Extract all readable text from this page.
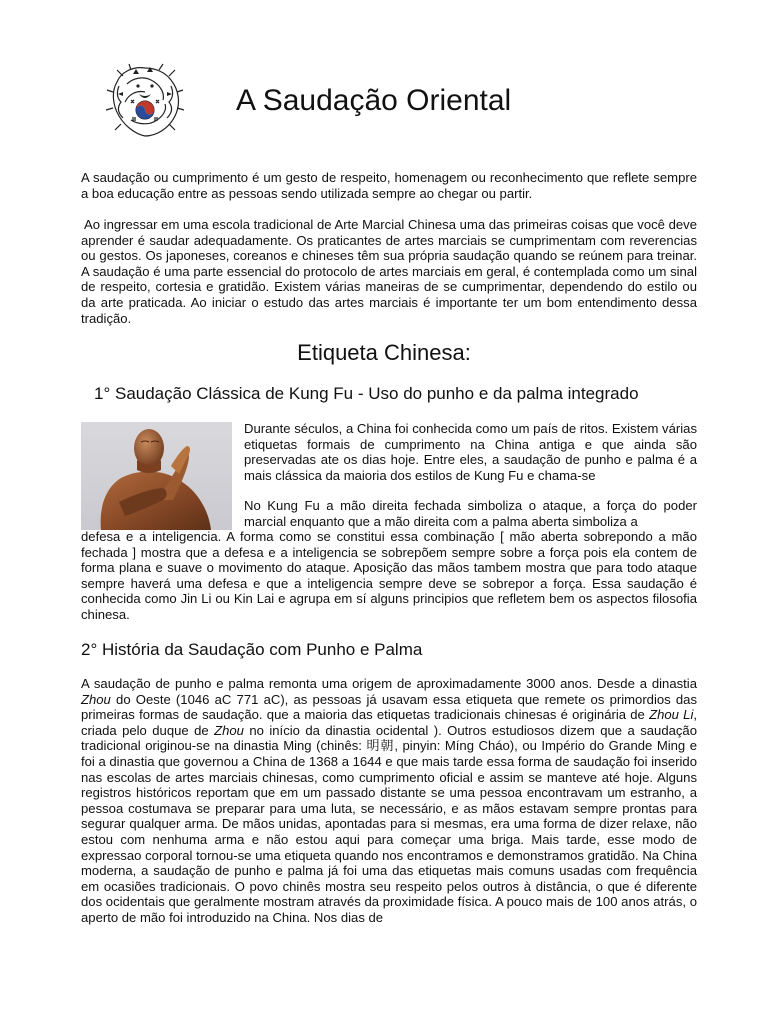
A Saudação Oriental

A saudação ou cumprimento é um gesto de respeito, homenagem ou reconhecimento que reflete sempre a boa educação entre as pessoas sendo utilizada sempre ao chegar ou partir.

Ao ingressar em uma escola tradicional de Arte Marcial Chinesa uma das primeiras coisas que você deve aprender é saudar adequadamente. Os praticantes de artes marciais se cumprimentam com reverencias ou gestos. Os japoneses, coreanos e chineses têm sua própria saudação quando se reúnem para treinar. A saudação é uma parte essencial do protocolo de artes marciais em geral, é contemplada como um sinal de respeito, cortesia e gratidão. Existem várias maneiras de se cumprimentar, dependendo do estilo ou da arte praticada. Ao iniciar o estudo das artes marciais é importante ter um bom entendimento dessa tradição.

Etiqueta Chinesa:
1° Saudação Clássica de Kung Fu - Uso do punho e da palma integrado

Durante séculos, a China foi conhecida como um país de ritos. Existem várias etiquetas formais de cumprimento na China antiga e que ainda são preservadas ate os dias hoje. Entre eles, a saudação de punho e palma é a mais clássica da maioria dos estilos de Kung Fu e chama-se

No Kung Fu a mão direita fechada simboliza o ataque, a força do poder marcial enquanto que a mão direita com a palma aberta simboliza a

defesa e a inteligencia. A forma como se constitui essa combinação [ mão aberta sobrepondo a mão fechada ] mostra que a defesa e a inteligencia se sobrepõem sempre sobre a força pois ela contem de forma plana e suave o movimento do ataque. Aposição das mãos tambem mostra que para todo ataque sempre haverá uma defesa e que a inteligencia sempre deve se sobrepor a força. Essa saudação é conhecida como Jin Li ou Kin Lai e agrupa em sí alguns principios que refletem bem os aspectos filosofia chinesa.

2° História da Saudação com Punho e Palma

A saudação de punho e palma remonta uma origem de aproximadamente 3000 anos. Desde a dinastia Zhou do Oeste (1046 aC 771 aC), as pessoas já usavam essa etiqueta que remete os primordios das primeiras formas de saudação. que a maioria das etiquetas tradicionais chinesas é originária de Zhou Li, criada pelo duque de Zhou no início da dinastia ocidental ). Outros estudiosos dizem que a saudação tradicional originou-se na dinastia Ming (chinês: 明朝, pinyin: Míng Cháo), ou Império do Grande Ming e foi a dinastia que governou a China de 1368 a 1644 e que mais tarde essa forma de saudação foi inserido nas escolas de artes marciais chinesas, como cumprimento oficial e assim se manteve até hoje. Alguns registros históricos reportam que em um passado distante se uma pessoa encontravam um estranho, a pessoa costumava se preparar para uma luta, se necessário, e as mãos estavam sempre prontas para segurar qualquer arma. De mãos unidas, apontadas para si mesmas, era uma forma de dizer relaxe, não estou com nenhuma arma e não estou aqui para começar uma briga. Mais tarde, esse modo de expressao corporal tornou-se uma etiqueta quando nos encontramos e demonstramos gratidão. Na China moderna, a saudação de punho e palma já foi uma das etiquetas mais comuns usadas com frequência em ocasiões tradicionais. O povo chinês mostra seu respeito pelos outros à distância, o que é diferente dos ocidentais que geralmente mostram através da proximidade física. A pouco mais de 100 anos atrás, o aperto de mão foi introduzido na China. Nos dias de
